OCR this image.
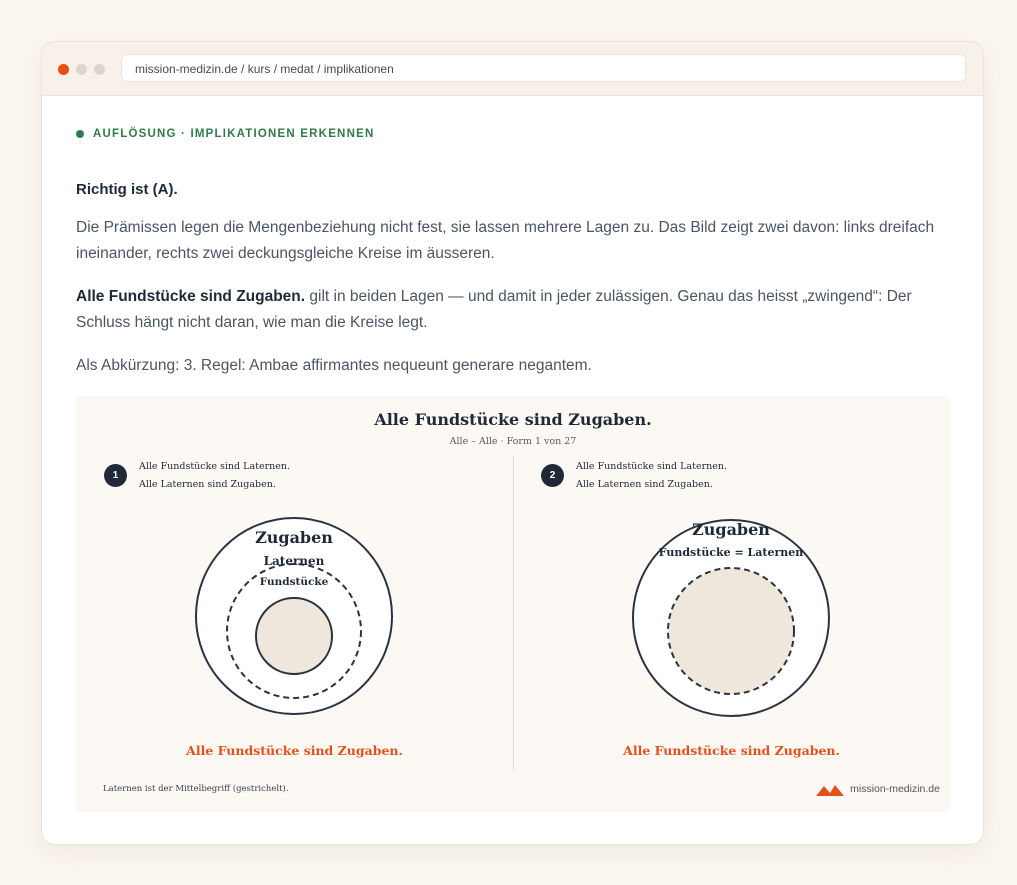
mission-medizin.de / kurs / medat / implikationen
AUFLÖSUNG · IMPLIKATIONEN ERKENNEN
Richtig ist (A).

Die Prämissen legen die Mengenbeziehung nicht fest, sie lassen mehrere Lagen zu. Das Bild zeigt zwei davon: links dreifach ineinander, rechts zwei deckungsgleiche Kreise im äusseren.

Alle Fundstücke sind Zugaben. gilt in beiden Lagen — und damit in jeder zulässigen. Genau das heisst „zwingend“: Der Schluss hängt nicht daran, wie man die Kreise legt.

Als Abkürzung: 3. Regel: Ambae affirmantes nequeunt generare negantem.

Alle Fundstücke sind Zugaben.
Alle – Alle · Form 1 von 27
1
Alle Fundstücke sind Laternen.
Alle Laternen sind Zugaben.
Zugaben
Laternen
Fundstücke
Alle Fundstücke sind Zugaben.
2
Alle Fundstücke sind Laternen.
Alle Laternen sind Zugaben.
Zugaben
Fundstücke = Laternen
Alle Fundstücke sind Zugaben.
Laternen ist der Mittelbegriff (gestrichelt).	mission-medizin.de
